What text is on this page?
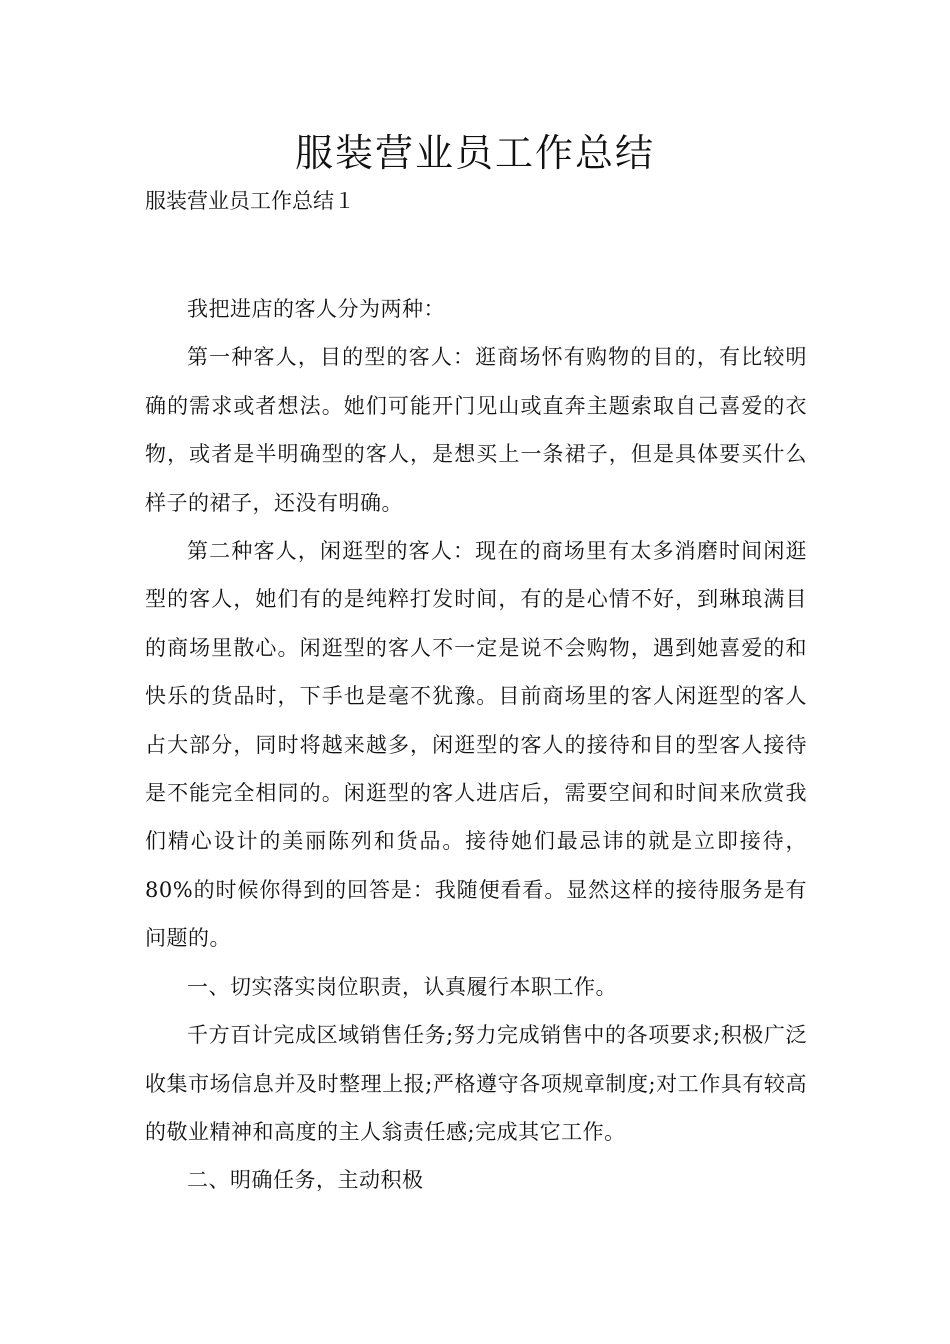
服装营业员工作总结
服装营业员工作总结１

我把进店的客人分为两种：

第一种客人，目的型的客人：逛商场怀有购物的目的，有比较明确的需求或者想法。她们可能开门见山或直奔主题索取自己喜爱的衣物，或者是半明确型的客人，是想买上一条裙子，但是具体要买什么样子的裙子，还没有明确。

第二种客人，闲逛型的客人：现在的商场里有太多消磨时间闲逛型的客人，她们有的是纯粹打发时间，有的是心情不好，到琳琅满目的商场里散心。闲逛型的客人不一定是说不会购物，遇到她喜爱的和快乐的货品时，下手也是毫不犹豫。目前商场里的客人闲逛型的客人占大部分，同时将越来越多，闲逛型的客人的接待和目的型客人接待是不能完全相同的。闲逛型的客人进店后，需要空间和时间来欣赏我们精心设计的美丽陈列和货品。接待她们最忌讳的就是立即接待，80%的时候你得到的回答是：我随便看看。显然这样的接待服务是有问题的。

一、切实落实岗位职责，认真履行本职工作。

千方百计完成区域销售任务;努力完成销售中的各项要求;积极广泛收集市场信息并及时整理上报;严格遵守各项规章制度;对工作具有较高的敬业精神和高度的主人翁责任感;完成其它工作。

二、明确任务，主动积极
